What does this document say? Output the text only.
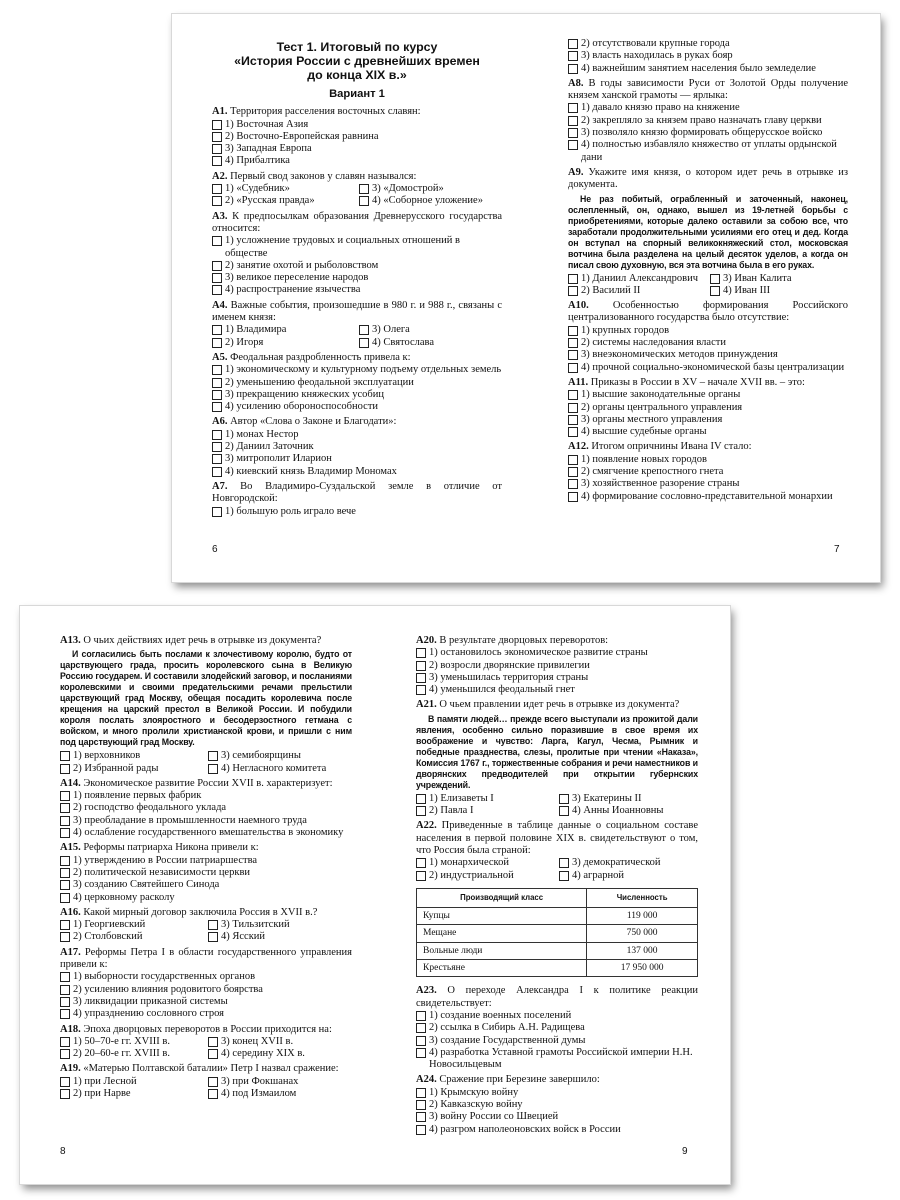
Тест 1. Итоговый по курсу
«История России с древнейших времен
до конца XIX в.»
Вариант 1
А1. Территория расселения восточных славян:
1) Восточная Азия
2) Восточно-Европейская равнина
3) Западная Европа
4) Прибалтика
А2. Первый свод законов у славян назывался:
1) «Судебник»	3) «Домострой»
2) «Русская правда»	4) «Соборное уложение»
А3. К предпосылкам образования Древнерусского государства относится:
1) усложнение трудовых и социальных отношений в обществе
2) занятие охотой и рыболовством
3) великое переселение народов
4) распространение язычества
А4. Важные события, произошедшие в 980 г. и 988 г., связаны с именем князя:
1) Владимира	3) Олега
2) Игоря	4) Святослава
А5. Феодальная раздробленность привела к:
1) экономическому и культурному подъему отдельных земель
2) уменьшению феодальной эксплуатации
3) прекращению княжеских усобиц
4) усилению обороноспособности
А6. Автор «Слова о Законе и Благодати»:
1) монах Нестор
2) Даниил Заточник
3) митрополит Иларион
4) киевский князь Владимир Мономах
А7. Во Владимиро-Суздальской земле в отличие от Новгородской:
1) большую роль играло вече
2) отсутствовали крупные города
3) власть находилась в руках бояр
4) важнейшим занятием населения было земледелие
А8. В годы зависимости Руси от Золотой Орды получение князем ханской грамоты — ярлыка:
1) давало князю право на княжение
2) закрепляло за князем право назначать главу церкви
3) позволяло князю формировать общерусское войско
4) полностью избавляло княжество от уплаты ордынской дани
А9. Укажите имя князя, о котором идет речь в отрывке из документа.

Не раз побитый, ограбленный и заточенный, наконец, ослепленный, он, однако, вышел из 19-летней борьбы с приобретениями, которые далеко оставили за собою все, что заработали продолжительными усилиями его отец и дед. Когда он вступал на спорный великокняжеский стол, московская вотчина была разделена на целый десяток уделов, а когда он писал свою духовную, вся эта вотчина была в его руках.

1) Даниил Александрович	3) Иван Калита
2) Василий II	4) Иван III
А10. Особенностью формирования Российского централизованного государства было отсутствие:
1) крупных городов
2) системы наследования власти
3) внеэкономических методов принуждения
4) прочной социально-экономической базы централизации
А11. Приказы в России в XV – начале XVII вв. – это:
1) высшие законодательные органы
2) органы центрального управления
3) органы местного управления
4) высшие судебные органы
А12. Итогом опричнины Ивана IV стало:
1) появление новых городов
2) смягчение крепостного гнета
3) хозяйственное разорение страны
4) формирование сословно-представительной монархии
6	7
А13. О чьих действиях идет речь в отрывке из документа?

И согласились быть послами к злочестивому королю, будто от царствующего града, просить королевского сына в Великую Россию государем. И составили злодейский заговор, и посланиями королевскими и своими предательскими речами прельстили царствующий град Москву, обещая посадить королевича после крещения на царский престол в Великой России. И побудили короля послать злояростного и бесодерзостного гетмана с войском, и много пролили христианской крови, и пришли с ним под царствующий град Москву.

1) верховников	3) семибоярщины
2) Избранной рады	4) Негласного комитета
А14. Экономическое развитие России XVII в. характеризует:
1) появление первых фабрик
2) господство феодального уклада
3) преобладание в промышленности наемного труда
4) ослабление государственного вмешательства в экономику
А15. Реформы патриарха Никона привели к:
1) утверждению в России патриаршества
2) политической независимости церкви
3) созданию Святейшего Синода
4) церковному расколу
А16. Какой мирный договор заключила Россия в XVII в.?
1) Георгиевский	3) Тильзитский
2) Столбовский	4) Ясский
А17. Реформы Петра I в области государственного управления привели к:
1) выборности государственных органов
2) усилению влияния родовитого боярства
3) ликвидации приказной системы
4) упразднению сословного строя
А18. Эпоха дворцовых переворотов в России приходится на:
1) 50–70-е гг. XVIII в.	3) конец XVII в.
2) 20–60-е гг. XVIII в.	4) середину XIX в.
А19. «Матерью Полтавской баталии» Петр I назвал сражение:
1) при Лесной	3) при Фокшанах
2) при Нарве	4) под Измаилом
А20. В результате дворцовых переворотов:
1) остановилось экономическое развитие страны
2) возросли дворянские привилегии
3) уменьшилась территория страны
4) уменьшился феодальный гнет
А21. О чьем правлении идет речь в отрывке из документа?

В памяти людей… прежде всего выступали из прожитой дали явления, особенно сильно поразившие в свое время их воображение и чувство: Ларга, Кагул, Чесма, Рымник и победные празднества, слезы, пролитые при чтении «Наказа», Комиссия 1767 г., торжественные собрания и речи наместников и дворянских предводителей при открытии губернских учреждений.

1) Елизаветы I	3) Екатерины II
2) Павла I	4) Анны Иоанновны
А22. Приведенные в таблице данные о социальном составе населения в первой половине XIX в. свидетельствуют о том, что Россия была страной:
1) монархической	3) демократической
2) индустриальной	4) аграрной
Производящий класс	Численность
Купцы	119 000
Мещане	750 000
Вольные люди	137 000
Крестьяне	17 950 000
А23. О переходе Александра I к политике реакции свидетельствует:
1) создание военных поселений
2) ссылка в Сибирь А.Н. Радищева
3) создание Государственной думы
4) разработка Уставной грамоты Российской империи Н.Н. Новосильцевым
А24. Сражение при Березине завершило:
1) Крымскую войну
2) Кавказскую войну
3) войну России со Швецией
4) разгром наполеоновских войск в России
8	9
